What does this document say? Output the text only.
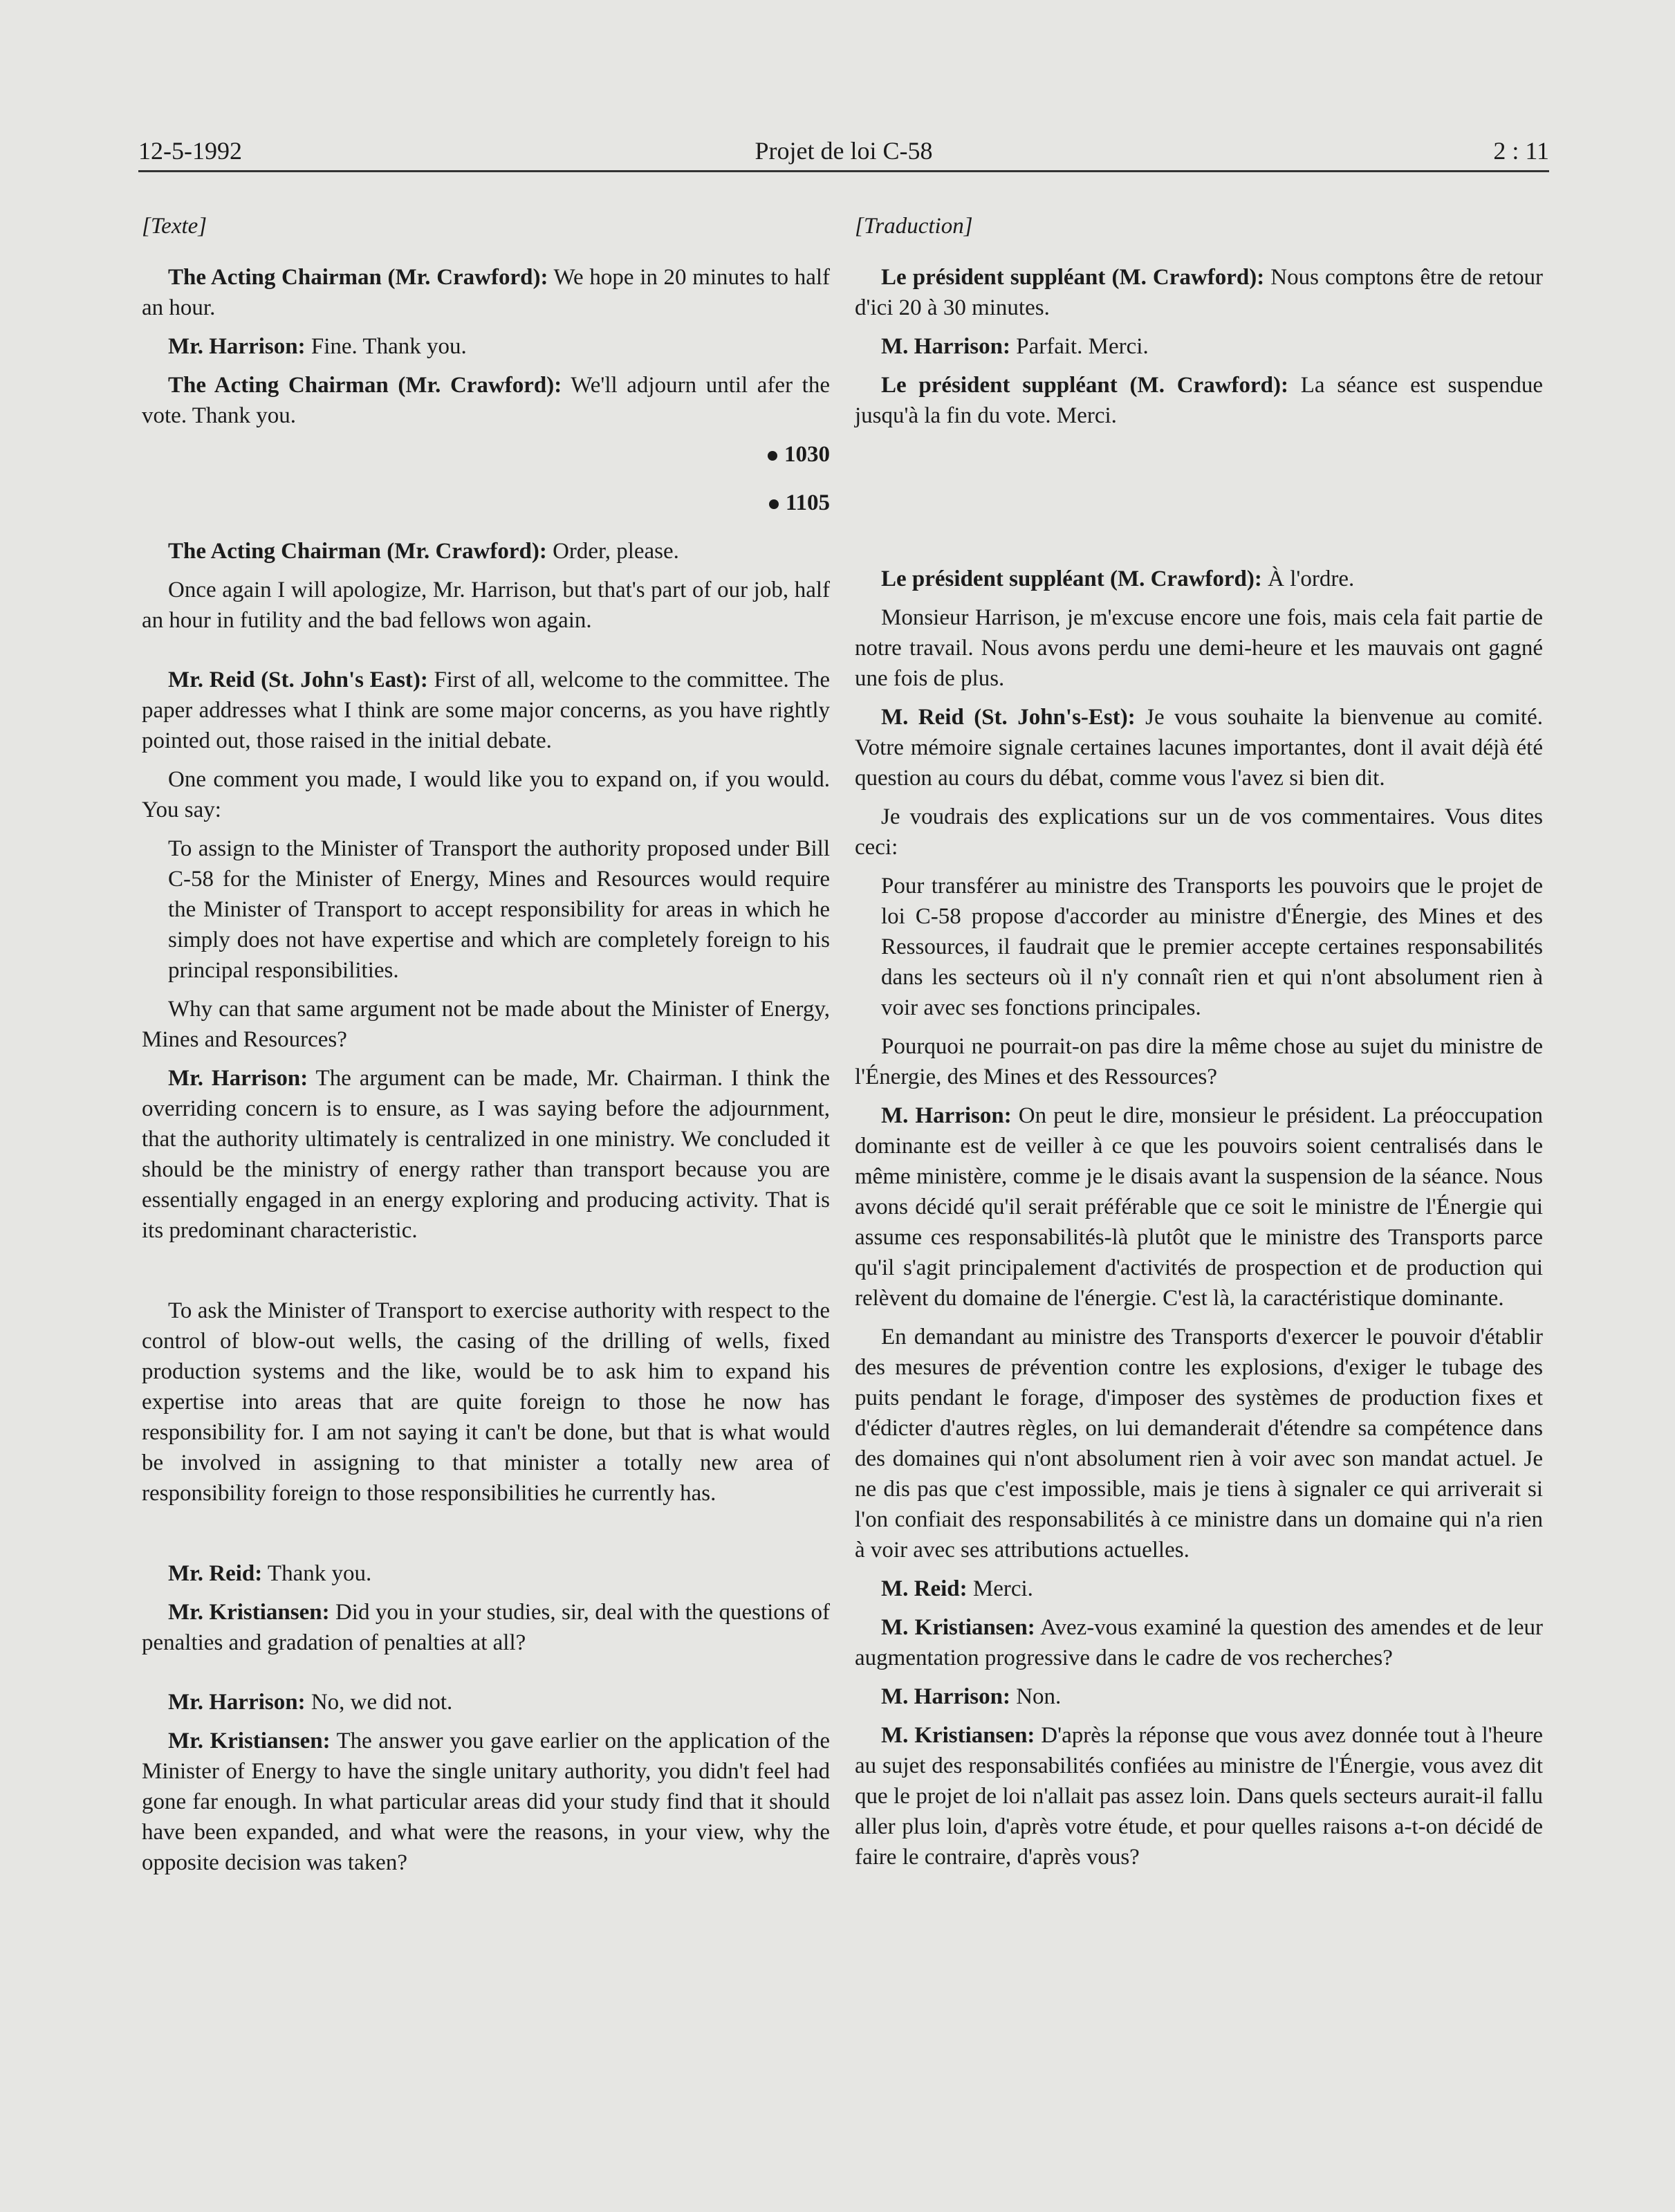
12-5-1992	Projet de loi C-58	2 : 11

[Texte]

The Acting Chairman (Mr. Crawford): We hope in 20 minutes to half an hour.

Mr. Harrison: Fine. Thank you.

The Acting Chairman (Mr. Crawford): We'll adjourn until afer the vote. Thank you.

1030
1105

The Acting Chairman (Mr. Crawford): Order, please.

Once again I will apologize, Mr. Harrison, but that's part of our job, half an hour in futility and the bad fellows won again.

Mr. Reid (St. John's East): First of all, welcome to the committee. The paper addresses what I think are some major concerns, as you have rightly pointed out, those raised in the initial debate.

One comment you made, I would like you to expand on, if you would. You say:

To assign to the Minister of Transport the authority proposed under Bill C-58 for the Minister of Energy, Mines and Resources would require the Minister of Transport to accept responsibility for areas in which he simply does not have expertise and which are completely foreign to his principal responsibilities.

Why can that same argument not be made about the Minister of Energy, Mines and Resources?

Mr. Harrison: The argument can be made, Mr. Chairman. I think the overriding concern is to ensure, as I was saying before the adjournment, that the authority ultimately is centralized in one ministry. We concluded it should be the ministry of energy rather than transport because you are essentially engaged in an energy exploring and producing activity. That is its predominant characteristic.

To ask the Minister of Transport to exercise authority with respect to the control of blow-out wells, the casing of the drilling of wells, fixed production systems and the like, would be to ask him to expand his expertise into areas that are quite foreign to those he now has responsibility for. I am not saying it can't be done, but that is what would be involved in assigning to that minister a totally new area of responsibility foreign to those responsibilities he currently has.

Mr. Reid: Thank you.

Mr. Kristiansen: Did you in your studies, sir, deal with the questions of penalties and gradation of penalties at all?

Mr. Harrison: No, we did not.

Mr. Kristiansen: The answer you gave earlier on the application of the Minister of Energy to have the single unitary authority, you didn't feel had gone far enough. In what particular areas did your study find that it should have been expanded, and what were the reasons, in your view, why the opposite decision was taken?

[Traduction]

Le président suppléant (M. Crawford): Nous comptons être de retour d'ici 20 à 30 minutes.

M. Harrison: Parfait. Merci.

Le président suppléant (M. Crawford): La séance est suspendue jusqu'à la fin du vote. Merci.

Le président suppléant (M. Crawford): À l'ordre.

Monsieur Harrison, je m'excuse encore une fois, mais cela fait partie de notre travail. Nous avons perdu une demi-heure et les mauvais ont gagné une fois de plus.

M. Reid (St. John's-Est): Je vous souhaite la bienvenue au comité. Votre mémoire signale certaines lacunes importantes, dont il avait déjà été question au cours du débat, comme vous l'avez si bien dit.

Je voudrais des explications sur un de vos commentaires. Vous dites ceci:

Pour transférer au ministre des Transports les pouvoirs que le projet de loi C-58 propose d'accorder au ministre d'Énergie, des Mines et des Ressources, il faudrait que le premier accepte certaines responsabilités dans les secteurs où il n'y connaît rien et qui n'ont absolument rien à voir avec ses fonctions principales.

Pourquoi ne pourrait-on pas dire la même chose au sujet du ministre de l'Énergie, des Mines et des Ressources?

M. Harrison: On peut le dire, monsieur le président. La préoccupation dominante est de veiller à ce que les pouvoirs soient centralisés dans le même ministère, comme je le disais avant la suspension de la séance. Nous avons décidé qu'il serait préférable que ce soit le ministre de l'Énergie qui assume ces responsabilités-là plutôt que le ministre des Transports parce qu'il s'agit principalement d'activités de prospection et de production qui relèvent du domaine de l'énergie. C'est là, la caractéristique dominante.

En demandant au ministre des Transports d'exercer le pouvoir d'établir des mesures de prévention contre les explosions, d'exiger le tubage des puits pendant le forage, d'imposer des systèmes de production fixes et d'édicter d'autres règles, on lui demanderait d'étendre sa compétence dans des domaines qui n'ont absolument rien à voir avec son mandat actuel. Je ne dis pas que c'est impossible, mais je tiens à signaler ce qui arriverait si l'on confiait des responsabilités à ce ministre dans un domaine qui n'a rien à voir avec ses attributions actuelles.

M. Reid: Merci.

M. Kristiansen: Avez-vous examiné la question des amendes et de leur augmentation progressive dans le cadre de vos recherches?

M. Harrison: Non.

M. Kristiansen: D'après la réponse que vous avez donnée tout à l'heure au sujet des responsabilités confiées au ministre de l'Énergie, vous avez dit que le projet de loi n'allait pas assez loin. Dans quels secteurs aurait-il fallu aller plus loin, d'après votre étude, et pour quelles raisons a-t-on décidé de faire le contraire, d'après vous?
